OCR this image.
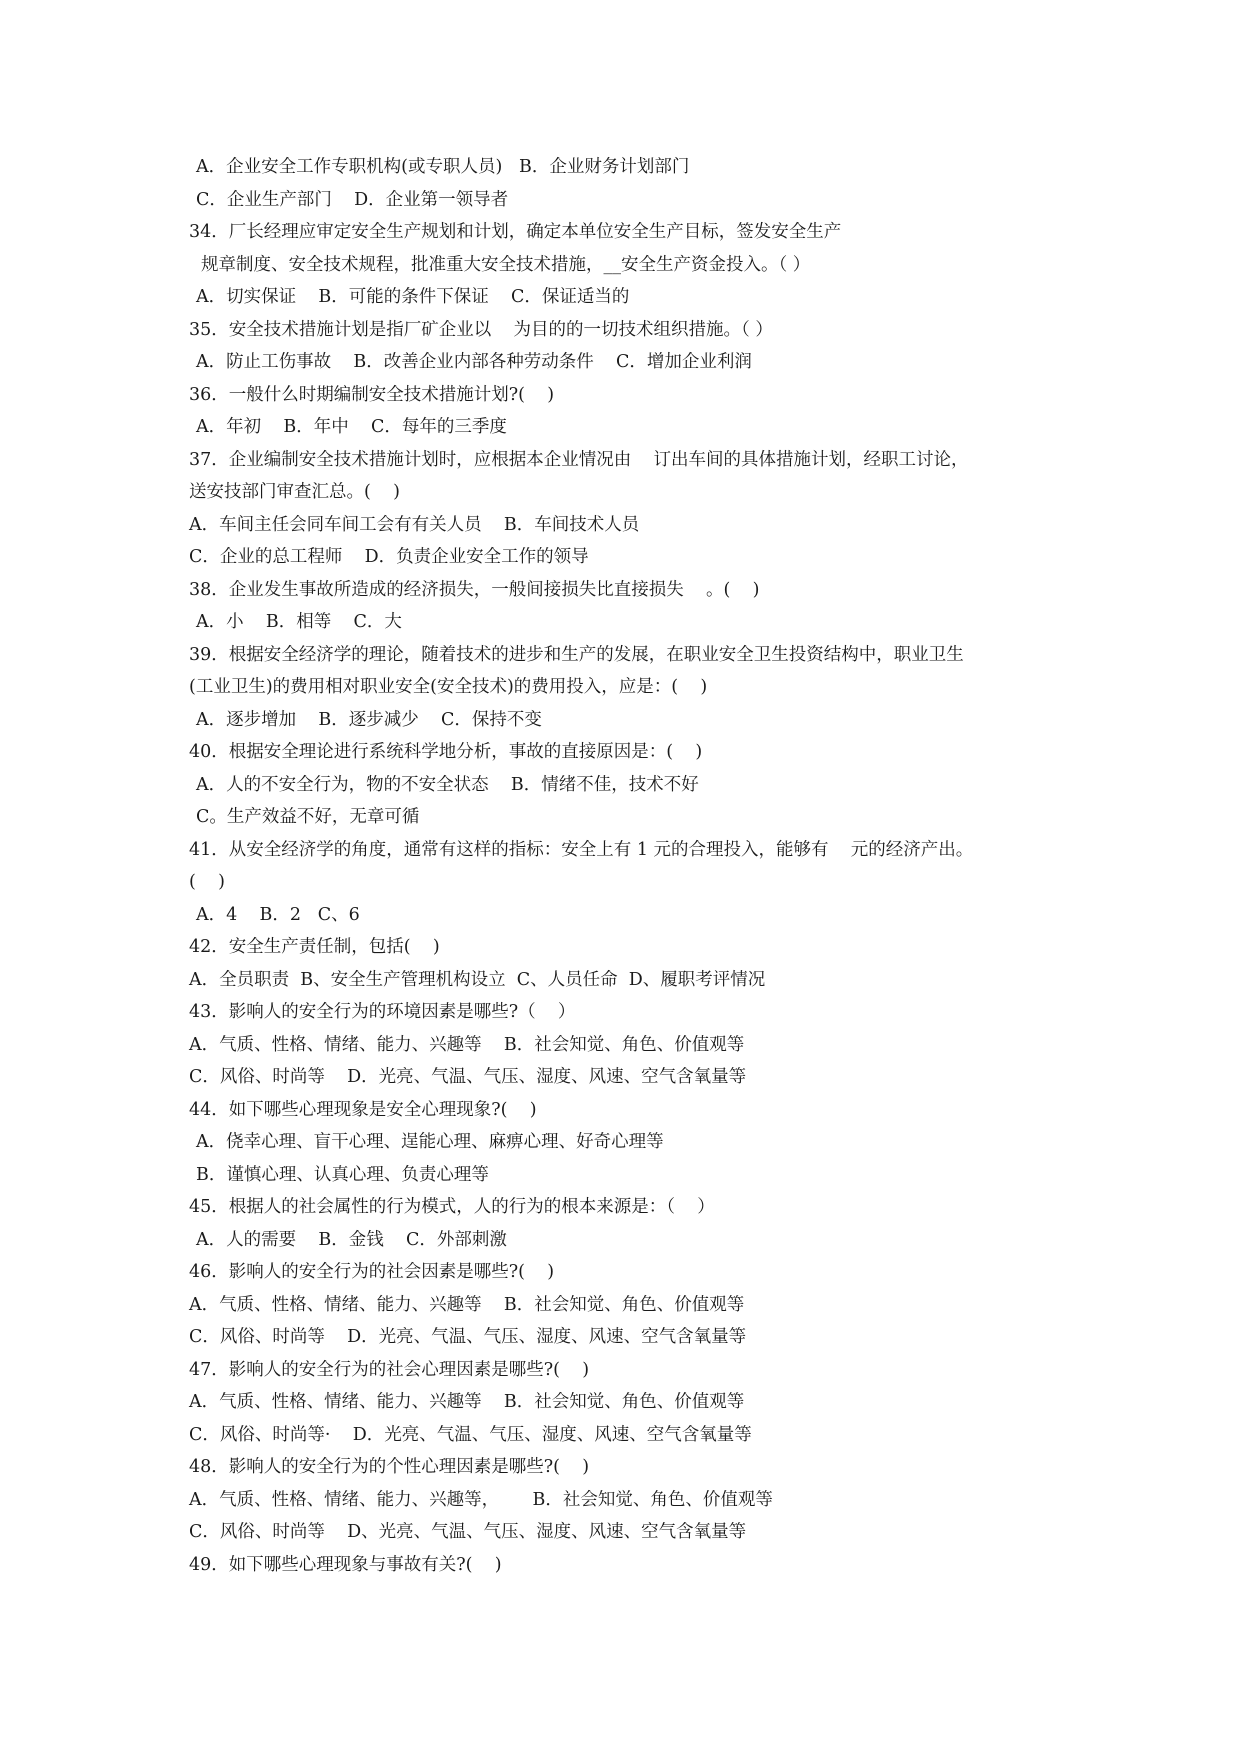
A．企业安全工作专职机构(或专职人员)   B．企业财务计划部门
C．企业生产部门    D．企业第一领导者
34．厂长经理应审定安全生产规划和计划，确定本单位安全生产目标，签发安全生产
规章制度、安全技术规程，批准重大安全技术措施，__安全生产资金投入。（ ）
A．切实保证    B．可能的条件下保证    C．保证适当的
35．安全技术措施计划是指厂矿企业以    为目的的一切技术组织措施。（ ）
A．防止工伤事故    B．改善企业内部各种劳动条件    C．增加企业利润
36．一般什么时期编制安全技术措施计划?(    )
A．年初    B．年中    C．每年的三季度
37．企业编制安全技术措施计划时，应根据本企业情况由    订出车间的具体措施计划，经职工讨论，
送安技部门审查汇总。(    )
A．车间主任会同车间工会有有关人员    B．车间技术人员
C．企业的总工程师    D．负责企业安全工作的领导
38．企业发生事故所造成的经济损失，一般间接损失比直接损失    。(    )
A．小    B．相等    C．大
39．根据安全经济学的理论，随着技术的进步和生产的发展，在职业安全卫生投资结构中，职业卫生
(工业卫生)的费用相对职业安全(安全技术)的费用投入，应是：(    )
A．逐步增加    B．逐步减少    C．保持不变
40．根据安全理论进行系统科学地分析，事故的直接原因是：(    )
A．人的不安全行为，物的不安全状态    B．情绪不佳，技术不好
C。生产效益不好，无章可循
41．从安全经济学的角度，通常有这样的指标：安全上有 1 元的合理投入，能够有    元的经济产出。
(    )
A．4    B．2   C、6
42．安全生产责任制，包括(    )
A．全员职责  B、安全生产管理机构设立  C、人员任命  D、履职考评情况
43．影响人的安全行为的环境因素是哪些?（    ）
A．气质、性格、情绪、能力、兴趣等    B．社会知觉、角色、价值观等
C．风俗、时尚等    D．光亮、气温、气压、湿度、风速、空气含氧量等
44．如下哪些心理现象是安全心理现象?(    )
A．侥幸心理、盲干心理、逞能心理、麻痹心理、好奇心理等
B．谨慎心理、认真心理、负责心理等
45．根据人的社会属性的行为模式，人的行为的根本来源是：（    ）
A．人的需要    B．金钱    C．外部刺激
46．影响人的安全行为的社会因素是哪些?(    )
A．气质、性格、情绪、能力、兴趣等    B．社会知觉、角色、价值观等
C．风俗、时尚等    D．光亮、气温、气压、湿度、风速、空气含氧量等
47．影响人的安全行为的社会心理因素是哪些?(    )
A．气质、性格、情绪、能力、兴趣等    B．社会知觉、角色、价值观等
C．风俗、时尚等·    D．光亮、气温、气压、湿度、风速、空气含氧量等
48．影响人的安全行为的个性心理因素是哪些?(    )
A．气质、性格、情绪、能力、兴趣等，      B．社会知觉、角色、价值观等
C．风俗、时尚等    D、光亮、气温、气压、湿度、风速、空气含氧量等
49．如下哪些心理现象与事故有关?(    )
